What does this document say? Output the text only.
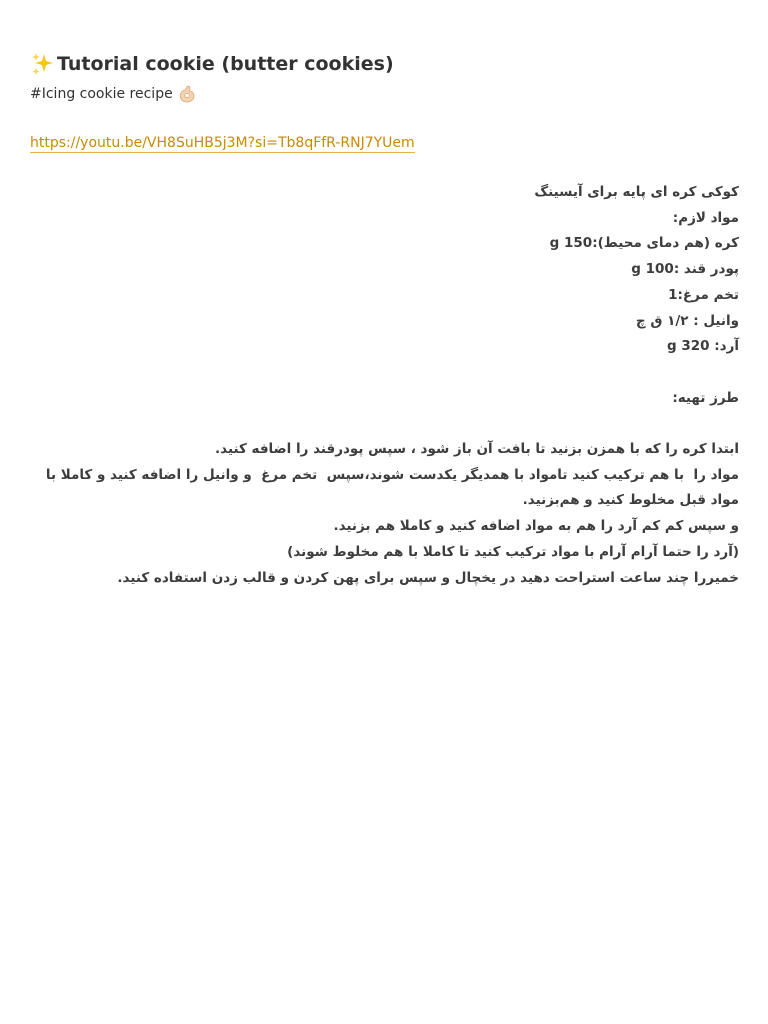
Tutorial cookie (butter cookies)
#Icing cookie recipe
https://youtu.be/VH8SuHB5j3M?si=Tb8qFfR-RNJ7YUem
کوکی کره ای پایه برای آیسینگ
مواد لازم:
کره (هم دمای محیط):150 g
پودر قند :100 g
تخم مرغ:1
وانیل : ۱/۲ ق چ
آرد: 320 g
طرز تهیه:
ابتدا کره را که با همزن بزنید تا بافت آن باز شود ، سپس پودرقند را اضافه کنید.
مواد را  با هم ترکیب کنید تامواد با همدیگر یکدست شوند،سپس  تخم مرغ  و وانیل را اضافه کنید و کاملا با مواد قبل مخلوط کنید و هم‌بزنید.
و سپس کم کم آرد را هم به مواد اضافه کنید و کاملا هم بزنید.
(آرد را حتما آرام آرام با مواد ترکیب کنید تا کاملا با هم مخلوط شوند)
خمیررا چند ساعت استراحت دهید در یخچال و سپس برای پهن کردن و قالب زدن استفاده کنید.
